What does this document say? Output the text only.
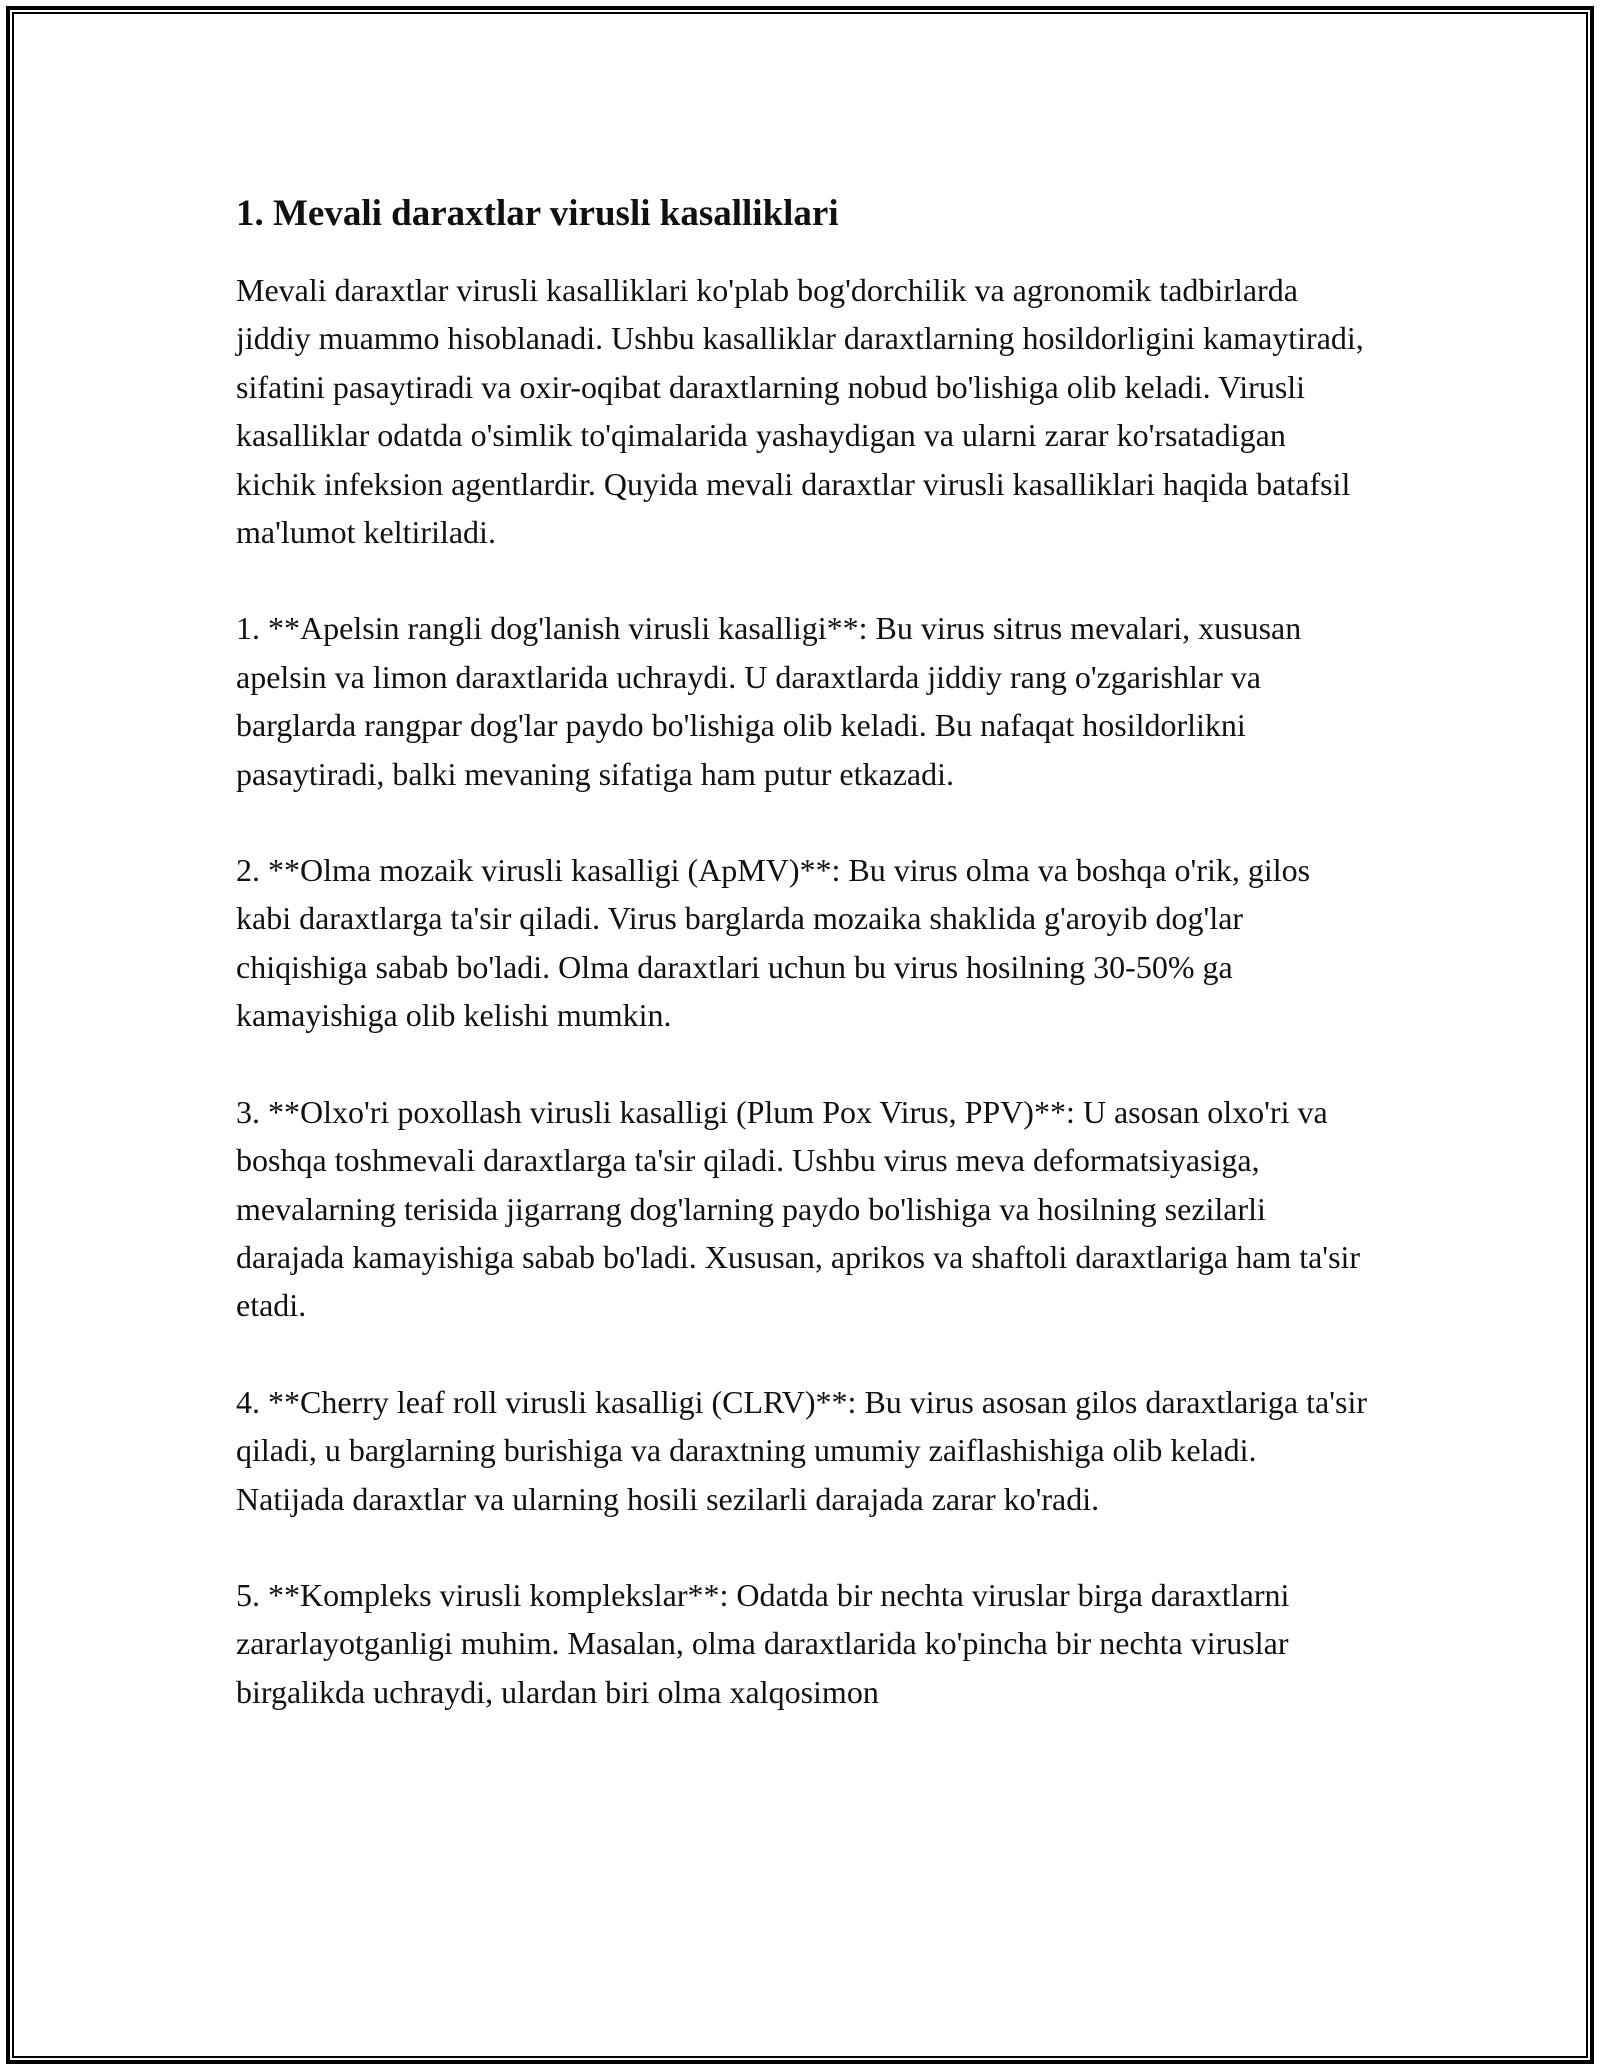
1. Mevali daraxtlar virusli kasalliklari

Mevali daraxtlar virusli kasalliklari ko'plab bog'dorchilik va agronomik tadbirlarda jiddiy muammo hisoblanadi. Ushbu kasalliklar daraxtlarning hosildorligini kamaytiradi, sifatini pasaytiradi va oxir-oqibat daraxtlarning nobud bo'lishiga olib keladi. Virusli kasalliklar odatda o'simlik to'qimalarida yashaydigan va ularni zarar ko'rsatadigan kichik infeksion agentlardir. Quyida mevali daraxtlar virusli kasalliklari haqida batafsil ma'lumot keltiriladi.

1. **Apelsin rangli dog'lanish virusli kasalligi**: Bu virus sitrus mevalari, xususan apelsin va limon daraxtlarida uchraydi. U daraxtlarda jiddiy rang o'zgarishlar va barglarda rangpar dog'lar paydo bo'lishiga olib keladi. Bu nafaqat hosildorlikni pasaytiradi, balki mevaning sifatiga ham putur etkazadi.

2. **Olma mozaik virusli kasalligi (ApMV)**: Bu virus olma va boshqa o'rik, gilos kabi daraxtlarga ta'sir qiladi. Virus barglarda mozaika shaklida g'aroyib dog'lar chiqishiga sabab bo'ladi. Olma daraxtlari uchun bu virus hosilning 30-50% ga kamayishiga olib kelishi mumkin.

3. **Olxo'ri poxollash virusli kasalligi (Plum Pox Virus, PPV)**: U asosan olxo'ri va boshqa toshmevali daraxtlarga ta'sir qiladi. Ushbu virus meva deformatsiyasiga, mevalarning terisida jigarrang dog'larning paydo bo'lishiga va hosilning sezilarli darajada kamayishiga sabab bo'ladi. Xususan, aprikos va shaftoli daraxtlariga ham ta'sir etadi.

4. **Cherry leaf roll virusli kasalligi (CLRV)**: Bu virus asosan gilos daraxtlariga ta'sir qiladi, u barglarning burishiga va daraxtning umumiy zaiflashishiga olib keladi. Natijada daraxtlar va ularning hosili sezilarli darajada zarar ko'radi.

5. **Kompleks virusli komplekslar**: Odatda bir nechta viruslar birga daraxtlarni zararlayotganligi muhim. Masalan, olma daraxtlarida ko'pincha bir nechta viruslar birgalikda uchraydi, ulardan biri olma xalqosimon
